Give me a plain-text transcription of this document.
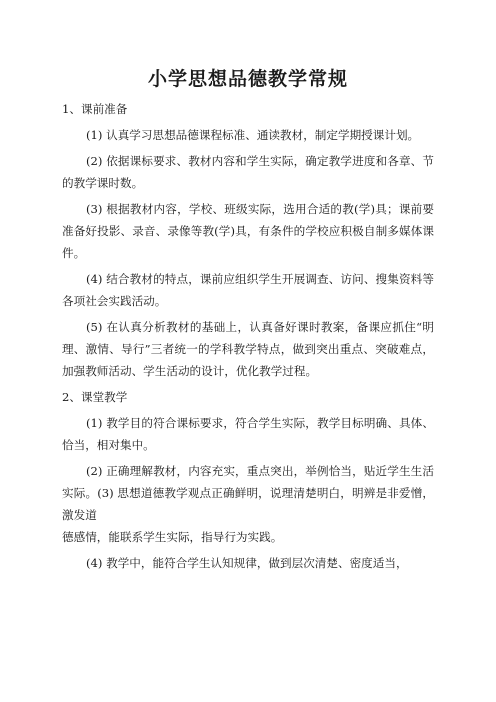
小学思想品德教学常规

1、课前准备

(1) 认真学习思想品德课程标准、通读教材，制定学期授课计划。

(2) 依据课标要求、教材内容和学生实际，确定教学进度和各章、节的教学课时数。

(3) 根据教材内容，学校、班级实际，选用合适的教(学)具；课前要准备好投影、录音、录像等教(学)具，有条件的学校应积极自制多媒体课件。

(4) 结合教材的特点，课前应组织学生开展调查、访问、搜集资料等各项社会实践活动。

(5) 在认真分析教材的基础上，认真备好课时教案，备课应抓住“明理、激情、导行”三者统一的学科教学特点，做到突出重点、突破难点，加强教师活动、学生活动的设计，优化教学过程。

2、课堂教学

(1) 教学目的符合课标要求，符合学生实际，教学目标明确、具体、恰当，相对集中。

(2) 正确理解教材，内容充实，重点突出，举例恰当，贴近学生生活实际。(3) 思想道德教学观点正确鲜明，说理清楚明白，明辨是非爱憎，激发道

德感情，能联系学生实际，指导行为实践。

(4) 教学中，能符合学生认知规律，做到层次清楚、密度适当，
